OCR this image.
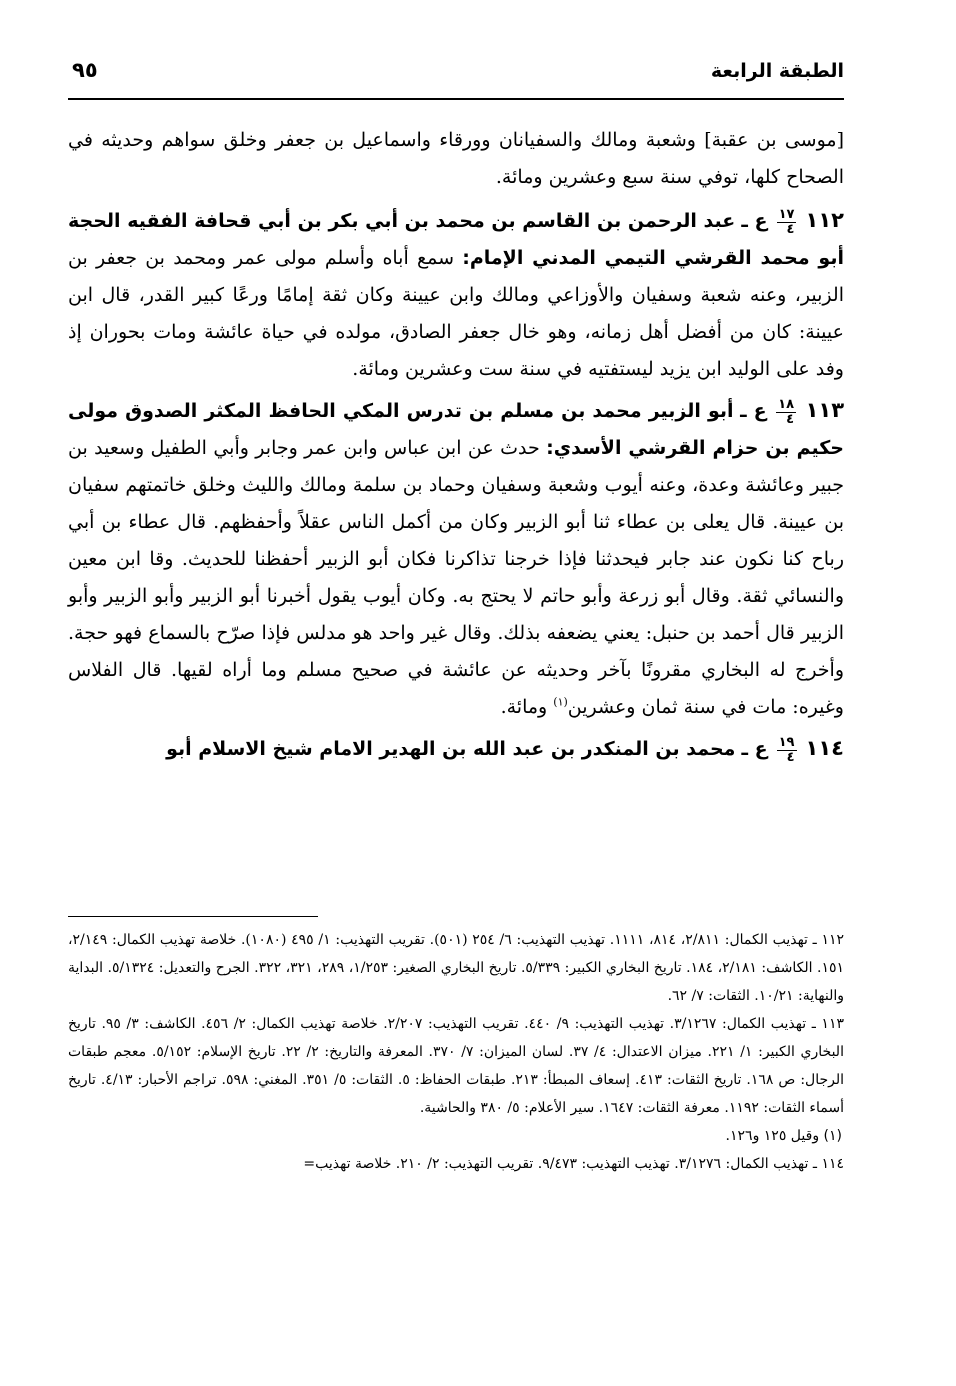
الطبقة الرابعة
٩٥

[موسى بن عقبة] وشعبة ومالك والسفيانان وورقاء واسماعيل بن جعفر وخلق سواهم وحديثه في الصحاح كلها، توفي سنة سبع وعشرين ومائة.

١١٢
$\frac{١٧}{٤}$
ع ـ عبد الرحمن بن القاسم بن محمد بن أبي بكر بن أبي قحافة الفقيه الحجة أبو محمد القرشي التيمي المدني الإمام: سمع أباه وأسلم مولى عمر ومحمد بن جعفر بن الزبير، وعنه شعبة وسفيان والأوزاعي ومالك وابن عيينة وكان ثقة إمامًا ورعًا كبير القدر، قال ابن عيينة: كان من أفضل أهل زمانه، وهو خال جعفر الصادق، مولده في حياة عائشة ومات بحوران إذ وفد على الوليد ابن يزيد ليستفتيه في سنة ست وعشرين ومائة.

١١٣
$\frac{١٨}{٤}$
ع ـ أبو الزبير محمد بن مسلم بن تدرس المكي الحافظ المكثر الصدوق مولى حكيم بن حزام القرشي الأسدي: حدث عن ابن عباس وابن عمر وجابر وأبي الطفيل وسعيد بن جبير وعائشة وعدة، وعنه أيوب وشعبة وسفيان وحماد بن سلمة ومالك والليث وخلق خاتمتهم سفيان بن عيينة. قال يعلى بن عطاء ثنا أبو الزبير وكان من أكمل الناس عقلاً وأحفظهم. قال عطاء بن أبي رباح كنا نكون عند جابر فيحدثنا فإذا خرجنا تذاكرنا فكان أبو الزبير أحفظنا للحديث. وقا ابن معين والنسائي ثقة. وقال أبو زرعة وأبو حاتم لا يحتج به. وكان أيوب يقول أخبرنا أبو الزبير وأبو الزبير وأبو الزبير قال أحمد بن حنبل: يعني يضعفه بذلك. وقال غير واحد هو مدلس فإذا صرّح بالسماع فهو حجة. وأخرج له البخاري مقرونًا بآخر وحديثه عن عائشة في صحيح مسلم وما أراه لقيها. قال الفلاس وغيره: مات في سنة ثمان وعشرين$^{(١)}$ ومائة.

١١٤
$\frac{١٩}{٤}$
ع ـ محمد بن المنكدر بن عبد الله بن الهدير الامام شيخ الاسلام أبو

١١٢ ـ تهذيب الكمال: ٢/٨١١، ٨١٤، ١١١١. تهذيب التهذيب: ٦/ ٢٥٤ (٥٠١). تقريب التهذيب: ١/ ٤٩٥ (١٠٨٠). خلاصة تهذيب الكمال: ٢/١٤٩، ١٥١. الكاشف: ٢/١٨١، ١٨٤. تاريخ البخاري الكبير: ٥/٣٣٩. تاريخ البخاري الصغير: ١/٢٥٣، ٢٨٩، ٣٢١، ٣٢٢. الجرح والتعديل: ٥/١٣٢٤. البداية والنهاية: ١٠/٢١. الثقات: ٧/ ٦٢.

١١٣ ـ تهذيب الكمال: ٣/١٢٦٧. تهذيب التهذيب: ٩/ ٤٤٠. تقريب التهذيب: ٢/٢٠٧. خلاصة تهذيب الكمال: ٢/ ٤٥٦. الكاشف: ٣/ ٩٥. تاريخ البخاري الكبير: ١/ ٢٢١. ميزان الاعتدال: ٤/ ٣٧. لسان الميزان: ٧/ ٣٧٠. المعرفة والتاريخ: ٢/ ٢٢. تاريخ الإسلام: ٥/١٥٢. معجم طبقات الرجال: ص ١٦٨. تاريخ الثقات: ٤١٣. إسعاف المبطأ: ٢١٣. طبقات الحفاظ: ٥. الثقات: ٥/ ٣٥١. المغني: ٥٩٨. تراجم الأحبار: ٤/١٣. تاريخ أسماء الثقات: ١١٩٢. معرفة الثقات: ١٦٤٧. سير الأعلام: ٥/ ٣٨٠ والحاشية.

(١) وقيل ١٢٥ و١٢٦.

١١٤ ـ تهذيب الكمال: ٣/١٢٧٦. تهذيب التهذيب: ٩/٤٧٣. تقريب التهذيب: ٢/ ٢١٠. خلاصة تهذيب=
